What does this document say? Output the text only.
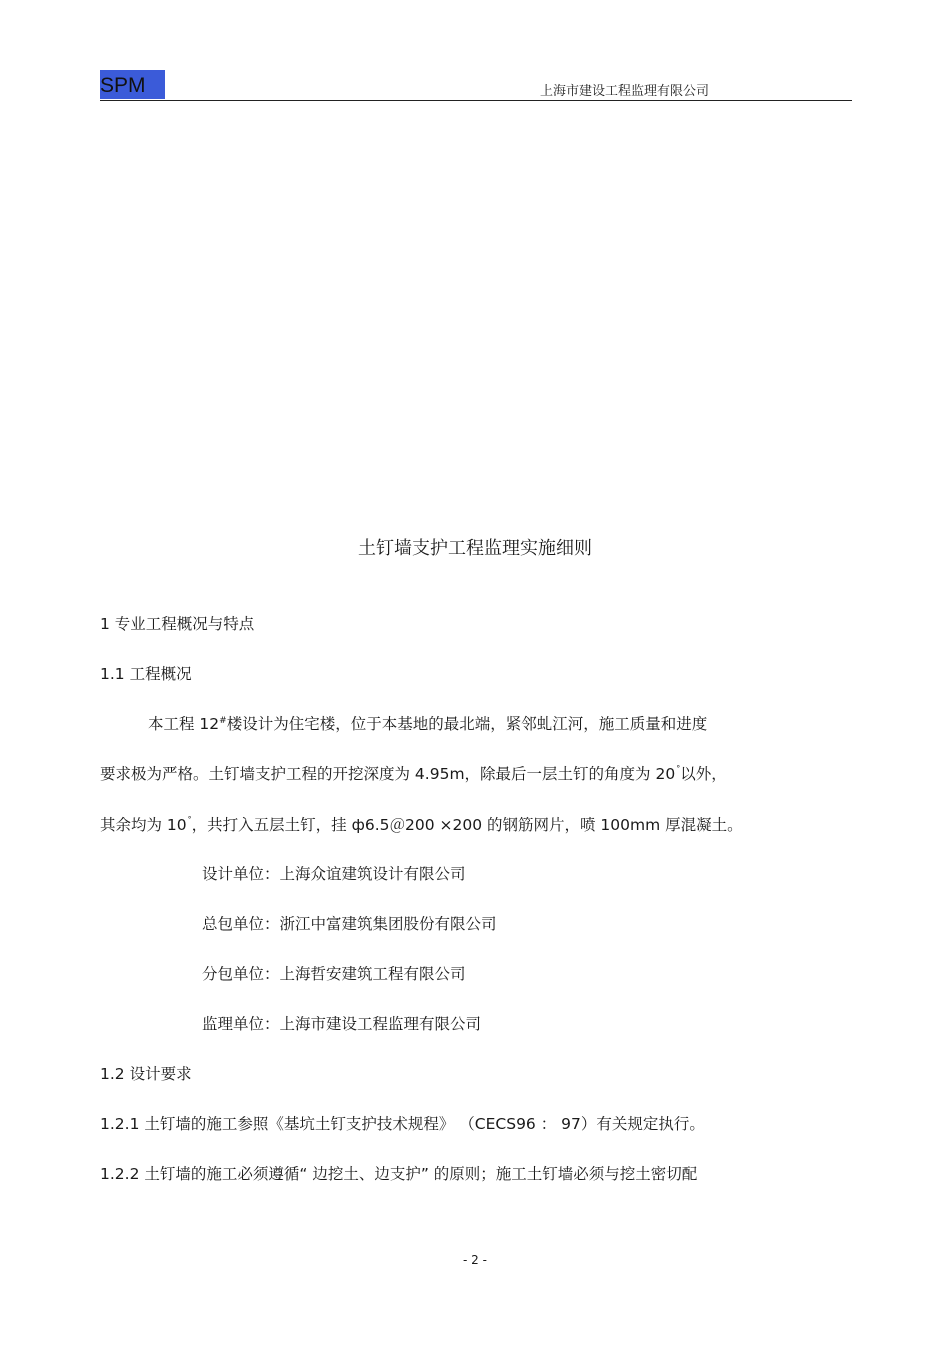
SPM	上海市建设工程监理有限公司
土钉墙支护工程监理实施细则
1 专业工程概况与特点
1.1 工程概况
本工程 12#楼设计为住宅楼，位于本基地的最北端，紧邻虬江河，施工质量和进度
要求极为严格。土钉墙支护工程的开挖深度为 4.95m，除最后一层土钉的角度为 20°以外，
其余均为 10°，共打入五层土钉，挂 ф6.5＠200 ×200 的钢筋网片，喷 100mm 厚混凝土。
设计单位：上海众谊建筑设计有限公司
总包单位：浙江中富建筑集团股份有限公司
分包单位：上海哲安建筑工程有限公司
监理单位：上海市建设工程监理有限公司
1.2 设计要求
1.2.1 土钉墙的施工参照《基坑土钉支护技术规程》 （CECS96 ： 97）有关规定执行。
1.2.2 土钉墙的施工必须遵循“ 边挖土、边支护” 的原则；施工土钉墙必须与挖土密切配
- 2 -
